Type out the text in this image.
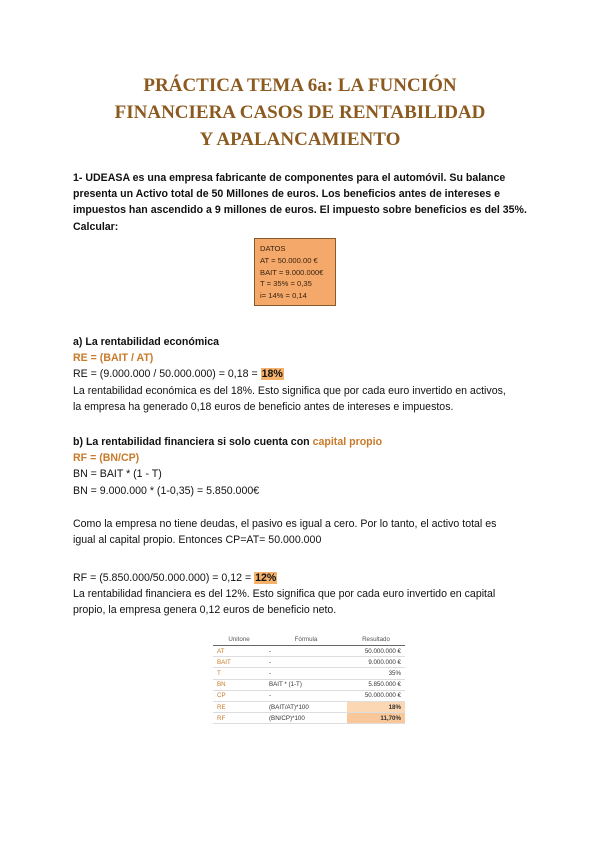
PRÁCTICA TEMA 6a: LA FUNCIÓN
FINANCIERA CASOS DE RENTABILIDAD
Y APALANCAMIENTO
1- UDEASA es una empresa fabricante de componentes para el automóvil. Su balance
presenta un Activo total de 50 Millones de euros. Los beneficios antes de intereses e
impuestos han ascendido a 9 millones de euros. El impuesto sobre beneficios es del 35%.
Calcular:
DATOS
AT = 50.000.00 €
BAIT = 9.000.000€
T = 35% = 0,35
i= 14% = 0,14
a) La rentabilidad económica
RE = (BAIT / AT)
RE = (9.000.000 / 50.000.000) = 0,18 = 18%
La rentabilidad económica es del 18%. Esto significa que por cada euro invertido en activos,
la empresa ha generado 0,18 euros de beneficio antes de intereses e impuestos.
b) La rentabilidad financiera si solo cuenta con capital propio
RF = (BN/CP)
BN = BAIT * (1 - T)
BN = 9.000.000 * (1-0,35) = 5.850.000€
Como la empresa no tiene deudas, el pasivo es igual a cero. Por lo tanto, el activo total es
igual al capital propio. Entonces CP=AT= 50.000.000
RF = (5.850.000/50.000.000) = 0,12 = 12%
La rentabilidad financiera es del 12%. Esto significa que por cada euro invertido en capital
propio, la empresa genera 0,12 euros de beneficio neto.
Unitone	Fórmula	Resultado
AT	-	50.000.000 €
BAIT	-	9.000.000 €
T	-	35%
BN	BAIT * (1-T)	5.850.000 €
CP	-	50.000.000 €
RE	(BAIT/AT)*100	18%
RF	(BN/CP)*100	11,70%
